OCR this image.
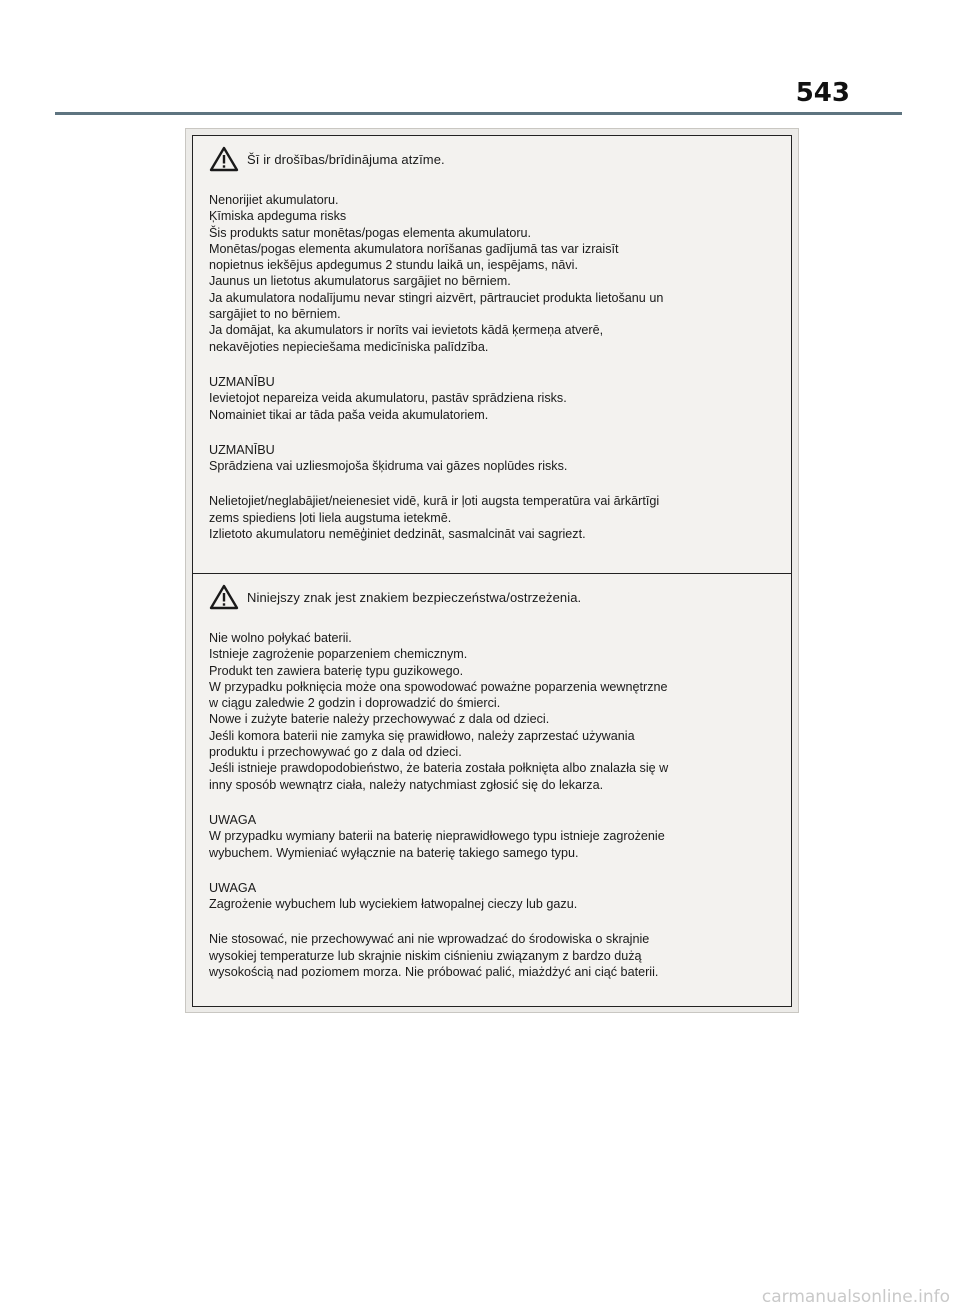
543
Šī ir drošības/brīdinājuma atzīme.
Nenorijiet akumulatoru.
Ķīmiska apdeguma risks
Šis produkts satur monētas/pogas elementa akumulatoru.
Monētas/pogas elementa akumulatora norīšanas gadījumā tas var izraisīt
nopietnus iekšējus apdegumus 2 stundu laikā un, iespējams, nāvi.
Jaunus un lietotus akumulatorus sargājiet no bērniem.
Ja akumulatora nodalījumu nevar stingri aizvērt, pārtrauciet produkta lietošanu un
sargājiet to no bērniem.
Ja domājat, ka akumulators ir norīts vai ievietots kādā ķermeņa atverē,
nekavējoties nepieciešama medicīniska palīdzība.
UZMANĪBU
Ievietojot nepareiza veida akumulatoru, pastāv sprādziena risks.
Nomainiet tikai ar tāda paša veida akumulatoriem.
UZMANĪBU
Sprādziena vai uzliesmojoša šķidruma vai gāzes noplūdes risks.
Nelietojiet/neglabājiet/neienesiet vidē, kurā ir ļoti augsta temperatūra vai ārkārtīgi
zems spiediens ļoti liela augstuma ietekmē.
Izlietoto akumulatoru nemēģiniet dedzināt, sasmalcināt vai sagriezt.
Niniejszy znak jest znakiem bezpieczeństwa/ostrzeżenia.
Nie wolno połykać baterii.
Istnieje zagrożenie poparzeniem chemicznym.
Produkt ten zawiera baterię typu guzikowego.
W przypadku połknięcia może ona spowodować poważne poparzenia wewnętrzne
w ciągu zaledwie 2 godzin i doprowadzić do śmierci.
Nowe i zużyte baterie należy przechowywać z dala od dzieci.
Jeśli komora baterii nie zamyka się prawidłowo, należy zaprzestać używania
produktu i przechowywać go z dala od dzieci.
Jeśli istnieje prawdopodobieństwo, że bateria została połknięta albo znalazła się w
inny sposób wewnątrz ciała, należy natychmiast zgłosić się do lekarza.
UWAGA
W przypadku wymiany baterii na baterię nieprawidłowego typu istnieje zagrożenie
wybuchem. Wymieniać wyłącznie na baterię takiego samego typu.
UWAGA
Zagrożenie wybuchem lub wyciekiem łatwopalnej cieczy lub gazu.
Nie stosować, nie przechowywać ani nie wprowadzać do środowiska o skrajnie
wysokiej temperaturze lub skrajnie niskim ciśnieniu związanym z bardzo dużą
wysokością nad poziomem morza. Nie próbować palić, miażdżyć ani ciąć baterii.
carmanualsonline.info
